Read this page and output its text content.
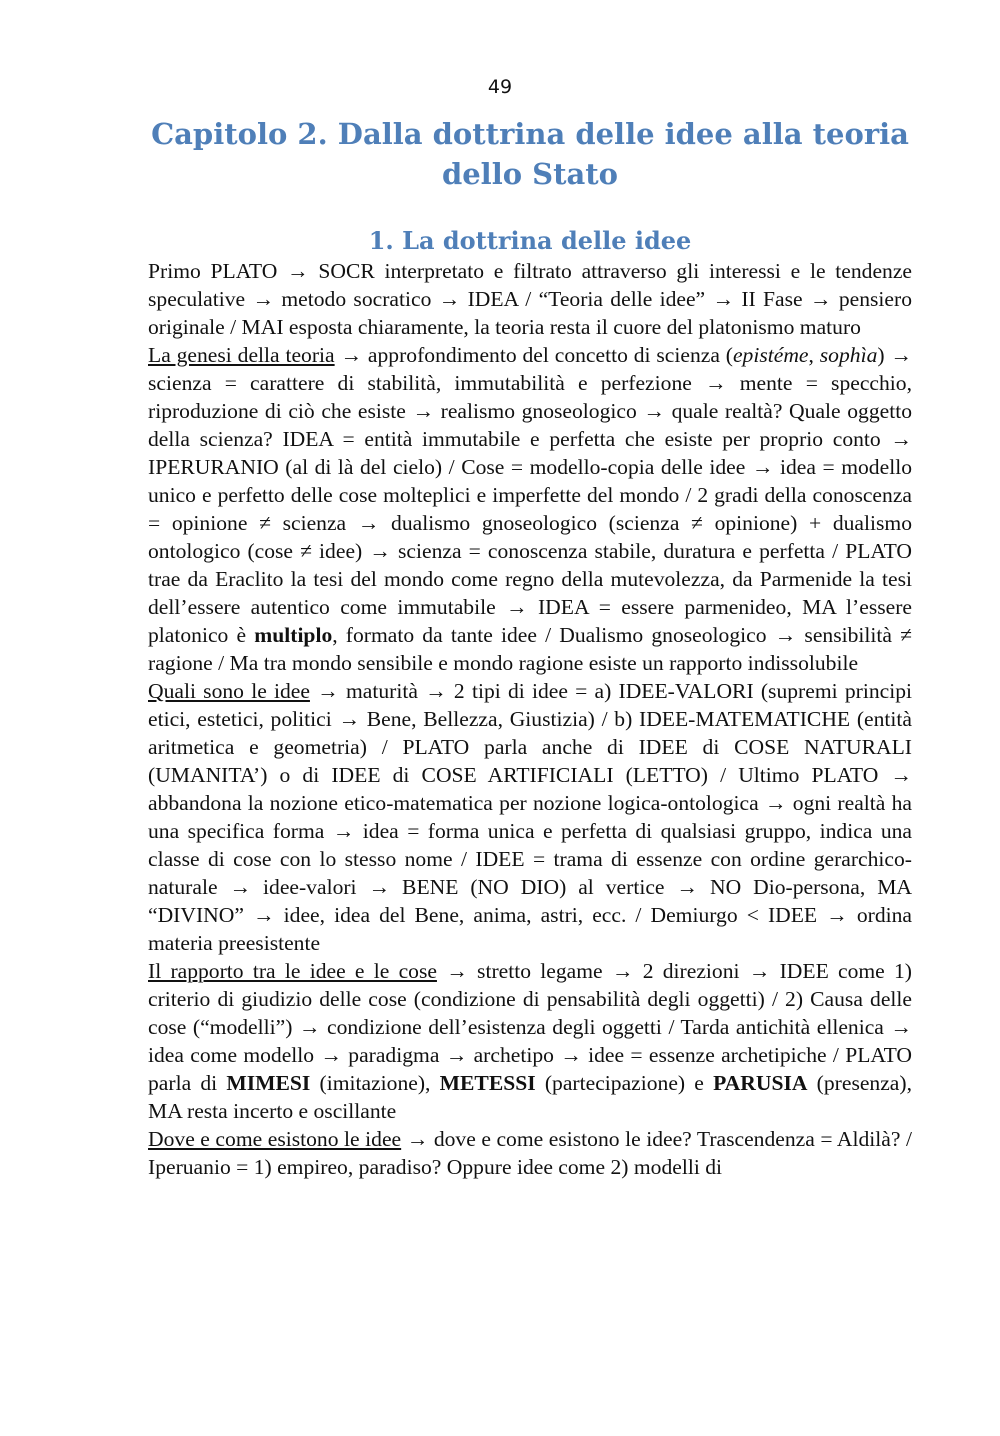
49
Capitolo 2. Dalla dottrina delle idee alla teoria dello Stato
1. La dottrina delle idee

Primo PLATO → SOCR interpretato e filtrato attraverso gli interessi e le tendenze speculative → metodo socratico → IDEA / “Teoria delle idee” → II Fase → pensiero originale / MAI esposta chiaramente, la teoria resta il cuore del platonismo maturo

La genesi della teoria → approfondimento del concetto di scienza (epistéme, sophìa) → scienza = carattere di stabilità, immutabilità e perfezione → mente = specchio, riproduzione di ciò che esiste → realismo gnoseologico → quale realtà? Quale oggetto della scienza? IDEA = entità immutabile e perfetta che esiste per proprio conto → IPERURANIO (al di là del cielo) / Cose = modello-copia delle idee → idea = modello unico e perfetto delle cose molteplici e imperfette del mondo / 2 gradi della conoscenza = opinione ≠ scienza → dualismo gnoseologico (scienza ≠ opinione) + dualismo ontologico (cose ≠ idee) → scienza = conoscenza stabile, duratura e perfetta / PLATO trae da Eraclito la tesi del mondo come regno della mutevolezza, da Parmenide la tesi dell’essere autentico come immutabile → IDEA = essere parmenideo, MA l’essere platonico è multiplo, formato da tante idee / Dualismo gnoseologico → sensibilità ≠ ragione / Ma tra mondo sensibile e mondo ragione esiste un rapporto indissolubile

Quali sono le idee → maturità → 2 tipi di idee = a) IDEE-VALORI (supremi principi etici, estetici, politici → Bene, Bellezza, Giustizia) / b) IDEE-MATEMATICHE (entità aritmetica e geometria) / PLATO parla anche di IDEE di COSE NATURALI (UMANITA’) o di IDEE di COSE ARTIFICIALI (LETTO) / Ultimo PLATO → abbandona la nozione etico-matematica per nozione logica-ontologica → ogni realtà ha una specifica forma → idea = forma unica e perfetta di qualsiasi gruppo, indica una classe di cose con lo stesso nome / IDEE = trama di essenze con ordine gerarchico-naturale → idee-valori → BENE (NO DIO) al vertice → NO Dio-persona, MA “DIVINO” → idee, idea del Bene, anima, astri, ecc. / Demiurgo < IDEE → ordina materia preesistente

Il rapporto tra le idee e le cose → stretto legame → 2 direzioni → IDEE come 1) criterio di giudizio delle cose (condizione di pensabilità degli oggetti) / 2) Causa delle cose (“modelli”) → condizione dell’esistenza degli oggetti / Tarda antichità ellenica → idea come modello → paradigma → archetipo → idee = essenze archetipiche / PLATO parla di MIMESI (imitazione), METESSI (partecipazione) e PARUSIA (presenza), MA resta incerto e oscillante

Dove e come esistono le idee → dove e come esistono le idee? Trascendenza = Aldilà? / Iperuanio = 1) empireo, paradiso? Oppure idee come 2) modelli di
